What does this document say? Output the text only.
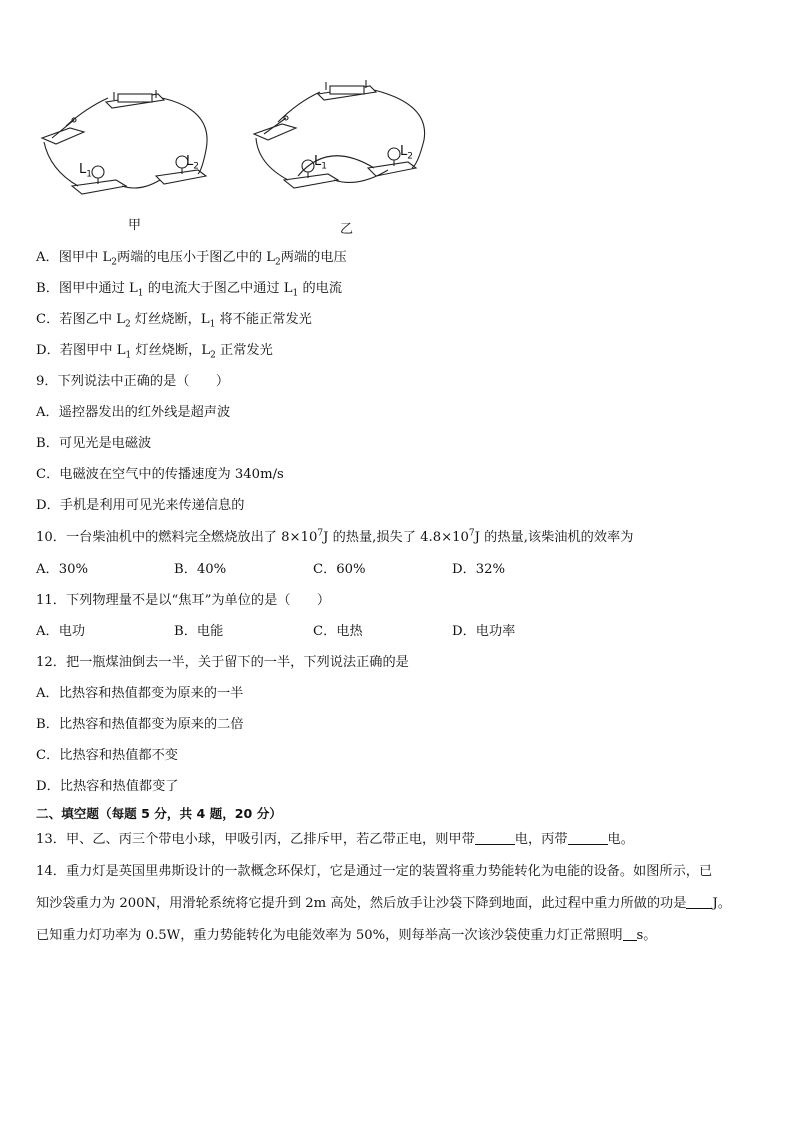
$L_1$
$L_2$	$L_1$
$L_2$
甲	乙
A．图甲中 $L_2$两端的电压小于图乙中的 $L_2$两端的电压
B．图甲中通过 $L_1$ 的电流大于图乙中通过 $L_1$ 的电流
C．若图乙中 $L_2$ 灯丝烧断，$L_1$ 将不能正常发光
D．若图甲中 $L_1$ 灯丝烧断，$L_2$ 正常发光
9．下列说法中正确的是（　　）
A．遥控器发出的红外线是超声波
B．可见光是电磁波
C．电磁波在空气中的传播速度为 340m/s
D．手机是利用可见光来传递信息的
10．一台柴油机中的燃料完全燃烧放出了 $8\times 10^7J$ 的热量,损失了 $4.8\times 10^7J$ 的热量,该柴油机的效率为
A．30%	B．40%	C．60%	D．32%
11．下列物理量不是以“焦耳”为单位的是（　　）
A．电功	B．电能	C．电热	D．电功率
12．把一瓶煤油倒去一半，关于留下的一半，下列说法正确的是
A．比热容和热值都变为原来的一半
B．比热容和热值都变为原来的二倍
C．比热容和热值都不变
D．比热容和热值都变了
二、填空题（每题 5 分，共 4 题，20 分）
13．甲、乙、丙三个带电小球，甲吸引丙，乙排斥甲，若乙带正电，则甲带	电，丙带	电。
14．重力灯是英国里弗斯设计的一款概念环保灯，它是通过一定的装置将重力势能转化为电能的设备。如图所示，已
知沙袋重力为 200N，用滑轮系统将它提升到 2m 高处，然后放手让沙袋下降到地面，此过程中重力所做的功是 J。
已知重力灯功率为 0.5W，重力势能转化为电能效率为 50%，则每举高一次该沙袋使重力灯正常照明 s。
